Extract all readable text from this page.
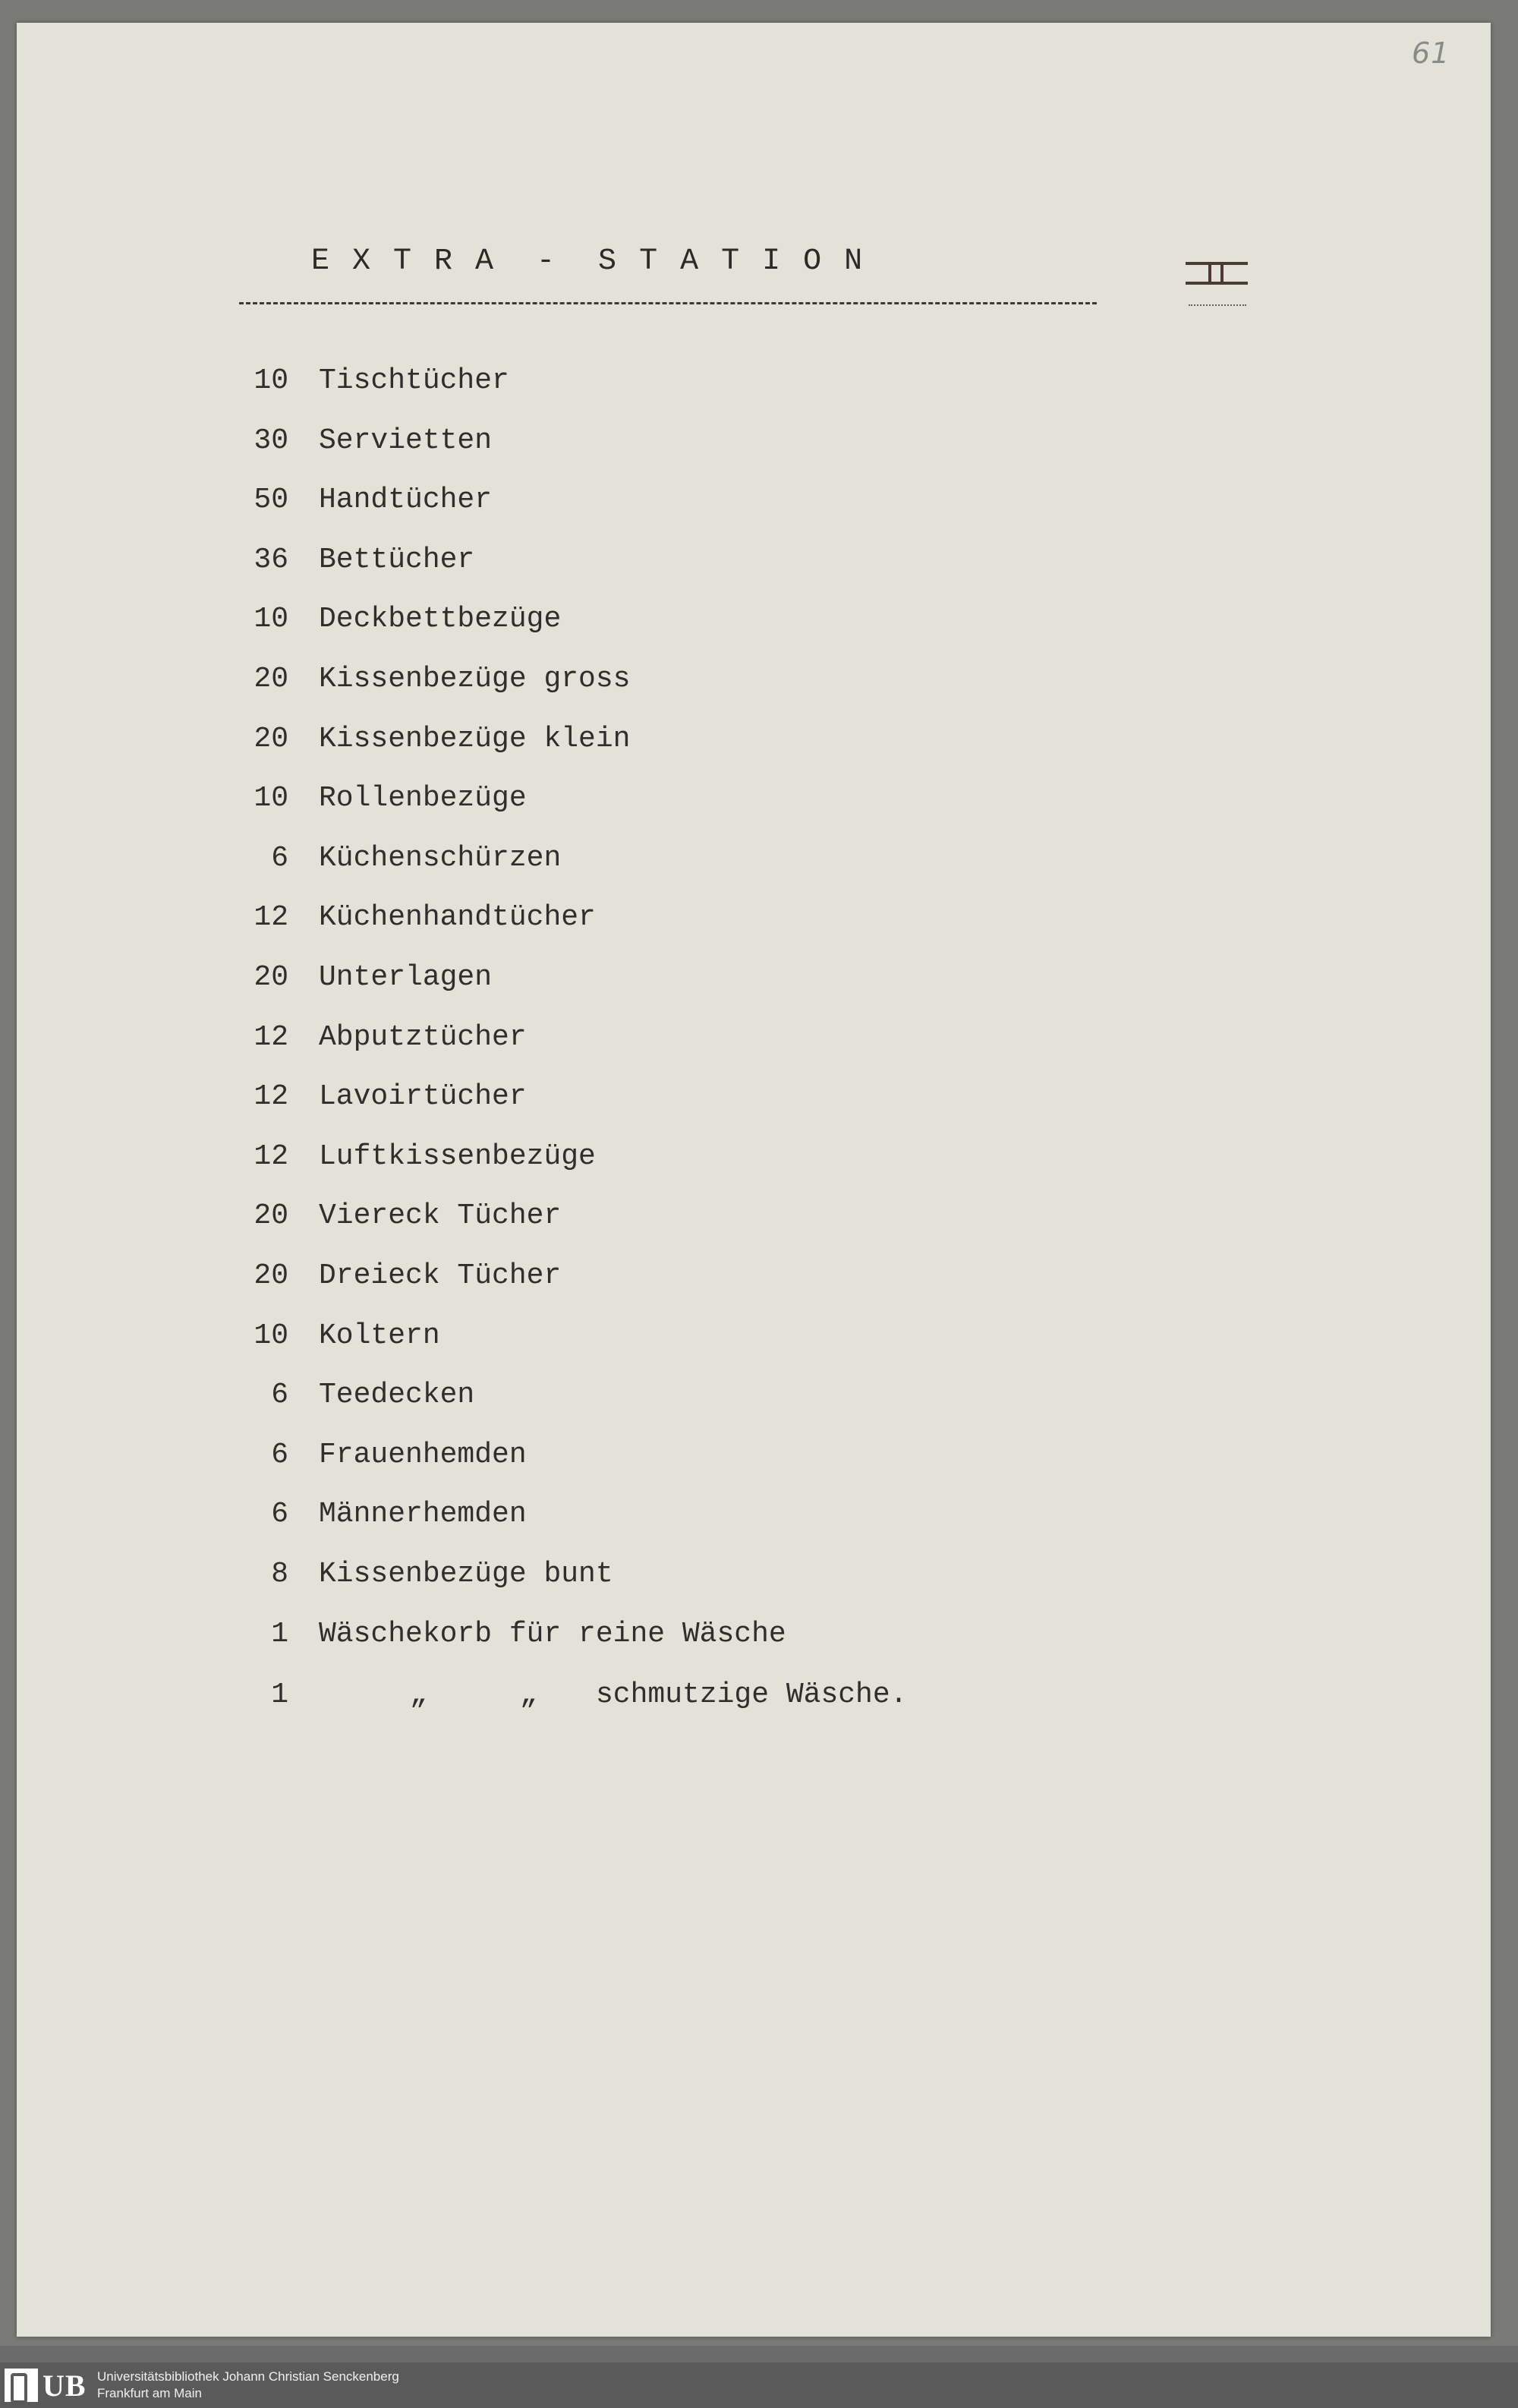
61
E X T R A  -  S T A T I O N
10 Tischtücher
30 Servietten
50 Handtücher
36 Bettücher
10 Deckbettbezüge
20 Kissenbezüge gross
20 Kissenbezüge klein
10 Rollenbezüge
6 Küchenschürzen
12 Küchenhandtücher
20 Unterlagen
12 Abputztücher
12 Lavoirtücher
12 Luftkissenbezüge
20 Viereck Tücher
20 Dreieck Tücher
10 Koltern
6 Teedecken
6 Frauenhemden
6 Männerhemden
8 Kissenbezüge bunt
1 Wäschekorb für reine Wäsche
1	„	„ schmutzige Wäsche.
UB Universitätsbibliothek Johann Christian Senckenberg
Frankfurt am Main
